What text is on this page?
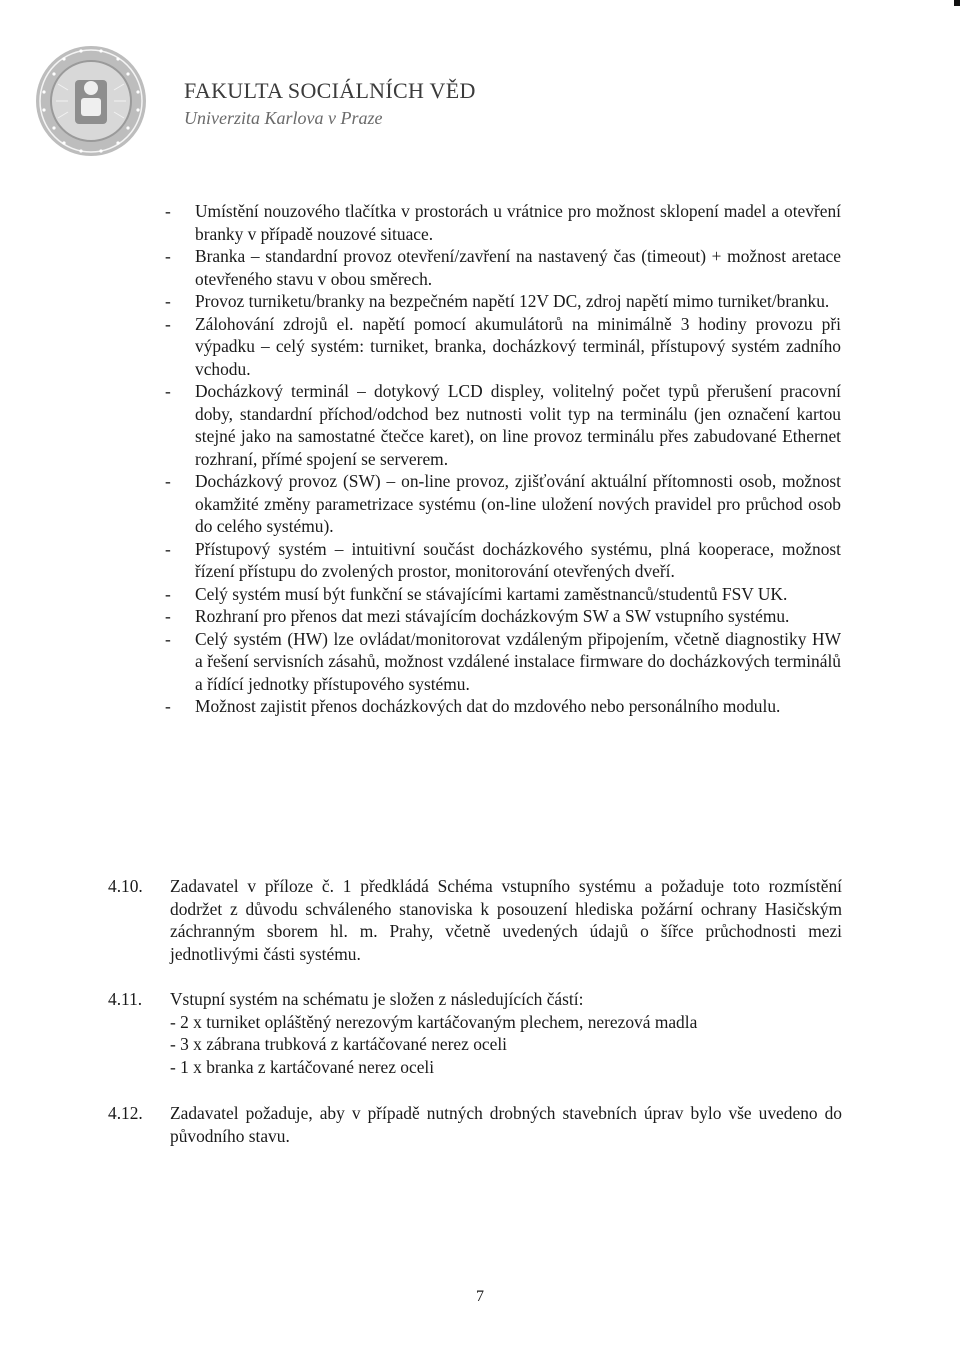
FAKULTA SOCIÁLNÍCH VĚD
Univerzita Karlova v Praze
- Umístění nouzového tlačítka v prostorách u vrátnice pro možnost sklopení madel a otevření branky v případě nouzové situace.
- Branka – standardní provoz otevření/zavření na nastavený čas (timeout) + možnost aretace otevřeného stavu v obou směrech.
- Provoz turniketu/branky na bezpečném napětí 12V DC, zdroj napětí mimo turniket/branku.
- Zálohování zdrojů el. napětí pomocí akumulátorů na minimálně 3 hodiny provozu při výpadku – celý systém: turniket, branka, docházkový terminál, přístupový systém zadního vchodu.
- Docházkový terminál – dotykový LCD displey, volitelný počet typů přerušení pracovní doby, standardní příchod/odchod bez nutnosti volit typ na terminálu (jen označení kartou stejné jako na samostatné čtečce karet), on line provoz terminálu přes zabudované Ethernet rozhraní, přímé spojení se serverem.
- Docházkový provoz (SW) – on-line provoz, zjišťování aktuální přítomnosti osob, možnost okamžité změny parametrizace systému (on-line uložení nových pravidel pro průchod osob do celého systému).
- Přístupový systém – intuitivní součást docházkového systému, plná kooperace, možnost řízení přístupu do zvolených prostor, monitorování otevřených dveří.
- Celý systém musí být funkční se stávajícími kartami zaměstnanců/studentů FSV UK.
- Rozhraní pro přenos dat mezi stávajícím docházkovým SW a SW vstupního systému.
- Celý systém (HW) lze ovládat/monitorovat vzdáleným připojením, včetně diagnostiky HW a řešení servisních zásahů, možnost vzdálené instalace firmware do docházkových terminálů a řídící jednotky přístupového systému.
- Možnost zajistit přenos docházkových dat do mzdového nebo personálního modulu.
4.10. Zadavatel v příloze č. 1 předkládá Schéma vstupního systému a požaduje toto rozmístění dodržet z důvodu schváleného stanoviska k posouzení hlediska požární ochrany Hasičským záchranným sborem hl. m. Prahy, včetně uvedených údajů o šířce průchodnosti mezi jednotlivými části systému.
4.11. Vstupní systém na schématu je složen z následujících částí:
- 2 x turniket opláštěný nerezovým kartáčovaným plechem, nerezová madla
- 3 x zábrana trubková z kartáčované nerez oceli
- 1 x branka z kartáčované nerez oceli
4.12. Zadavatel požaduje, aby v případě nutných drobných stavebních úprav bylo vše uvedeno do původního stavu.
7
